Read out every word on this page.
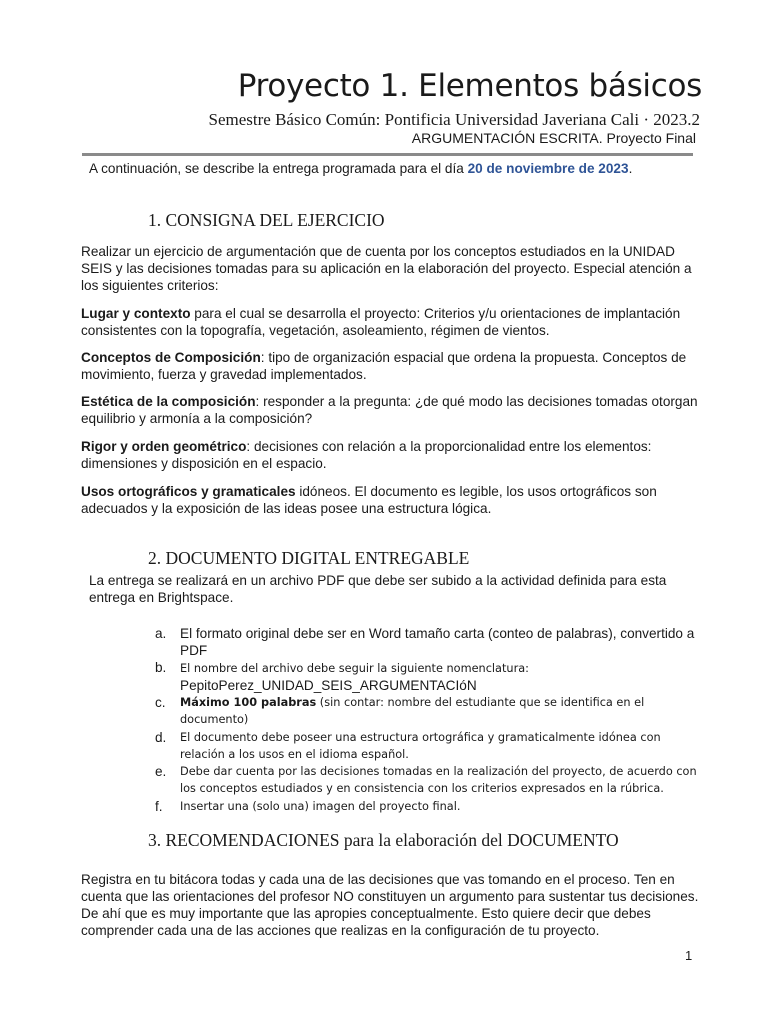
Proyecto 1. Elementos básicos
Semestre Básico Común: Pontificia Universidad Javeriana Cali · 2023.2
ARGUMENTACIÓN ESCRITA. Proyecto Final
A continuación, se describe la entrega programada para el día 20 de noviembre de 2023.
1. CONSIGNA DEL EJERCICIO
Realizar un ejercicio de argumentación que de cuenta por los conceptos estudiados en la UNIDAD SEIS y las decisiones tomadas para su aplicación en la elaboración del proyecto. Especial atención a los siguientes criterios:
Lugar y contexto para el cual se desarrolla el proyecto: Criterios y/u orientaciones de implantación consistentes con la topografía, vegetación, asoleamiento, régimen de vientos.
Conceptos de Composición: tipo de organización espacial que ordena la propuesta. Conceptos de movimiento, fuerza y gravedad implementados.
Estética de la composición: responder a la pregunta: ¿de qué modo las decisiones tomadas otorgan equilibrio y armonía a la composición?
Rigor y orden geométrico: decisiones con relación a la proporcionalidad entre los elementos: dimensiones y disposición en el espacio.
Usos ortográficos y gramaticales idóneos. El documento es legible, los usos ortográficos son adecuados y la exposición de las ideas posee una estructura lógica.
2. DOCUMENTO DIGITAL ENTREGABLE
La entrega se realizará en un archivo PDF que debe ser subido a la actividad definida para esta entrega en Brightspace.
a. El formato original debe ser en Word tamaño carta (conteo de palabras), convertido a PDF
b. El nombre del archivo debe seguir la siguiente nomenclatura:
PepitoPerez_UNIDAD_SEIS_ARGUMENTACIóN
c. Máximo 100 palabras (sin contar: nombre del estudiante que se identifica en el documento)
d. El documento debe poseer una estructura ortográfica y gramaticalmente idónea con relación a los usos en el idioma español.
e. Debe dar cuenta por las decisiones tomadas en la realización del proyecto, de acuerdo con los conceptos estudiados y en consistencia con los criterios expresados en la rúbrica.
f. Insertar una (solo una) imagen del proyecto final.
3. RECOMENDACIONES para la elaboración del DOCUMENTO
Registra en tu bitácora todas y cada una de las decisiones que vas tomando en el proceso. Ten en cuenta que las orientaciones del profesor NO constituyen un argumento para sustentar tus decisiones. De ahí que es muy importante que las apropies conceptualmente. Esto quiere decir que debes comprender cada una de las acciones que realizas en la configuración de tu proyecto.
1
